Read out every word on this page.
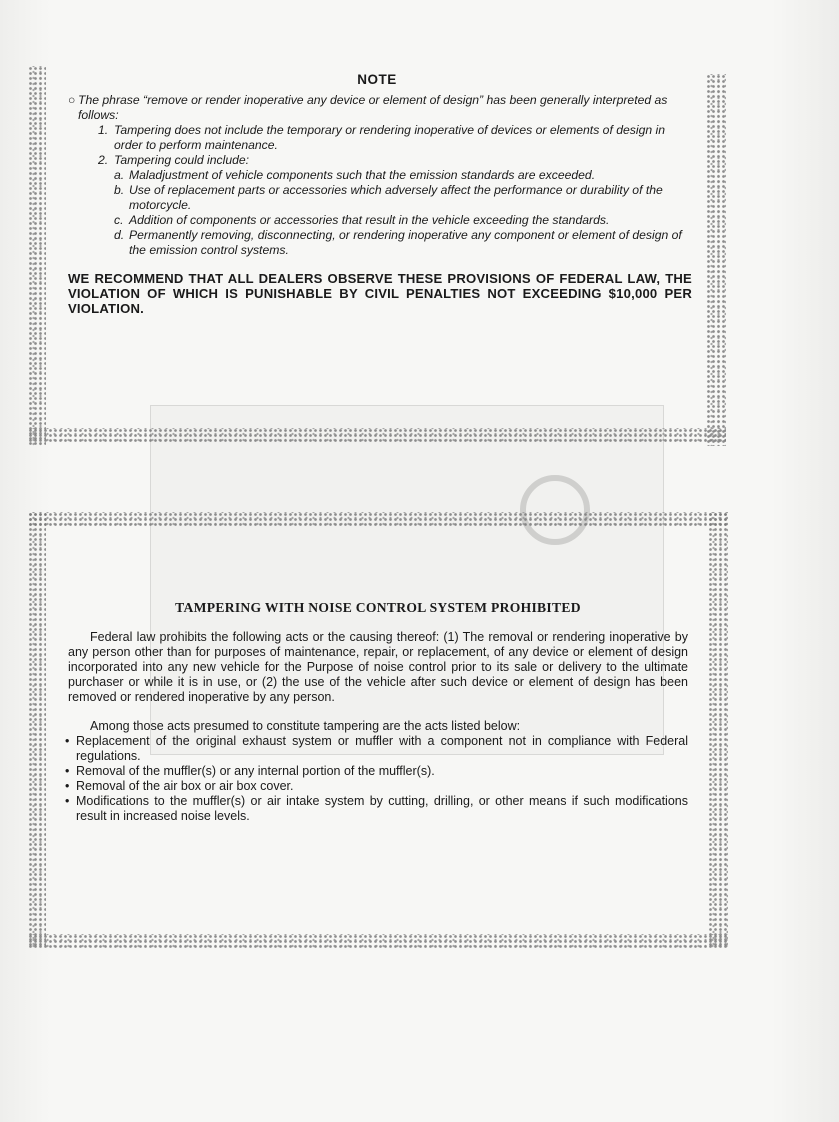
NOTE
○ The phrase “remove or render inoperative any device or element of design” has been generally interpreted as follows:
1. Tampering does not include the temporary or rendering inoperative of devices or elements of design in order to perform maintenance.
2. Tampering could include:
a. Maladjustment of vehicle components such that the emission standards are exceeded.
b. Use of replacement parts or accessories which adversely affect the performance or durability of the motorcycle.
c. Addition of components or accessories that result in the vehicle exceeding the standards.
d. Permanently removing, disconnecting, or rendering inoperative any component or element of design of the emission control systems.
WE RECOMMEND THAT ALL DEALERS OBSERVE THESE PROVISIONS OF FEDERAL LAW, THE VIOLATION OF WHICH IS PUNISHABLE BY CIVIL PENALTIES NOT EXCEEDING $10,000 PER VIOLATION.
TAMPERING WITH NOISE CONTROL SYSTEM PROHIBITED

Federal law prohibits the following acts or the causing thereof: (1) The removal or rendering inoperative by any person other than for purposes of maintenance, repair, or replacement, of any device or element of design incorporated into any new vehicle for the Purpose of noise control prior to its sale or delivery to the ultimate purchaser or while it is in use, or (2) the use of the vehicle after such device or element of design has been removed or rendered inoperative by any person.

Among those acts presumed to constitute tampering are the acts listed below:

• Replacement of the original exhaust system or muffler with a component not in compliance with Federal regulations.
• Removal of the muffler(s) or any internal portion of the muffler(s).
• Removal of the air box or air box cover.
• Modifications to the muffler(s) or air intake system by cutting, drilling, or other means if such modifications result in increased noise levels.
